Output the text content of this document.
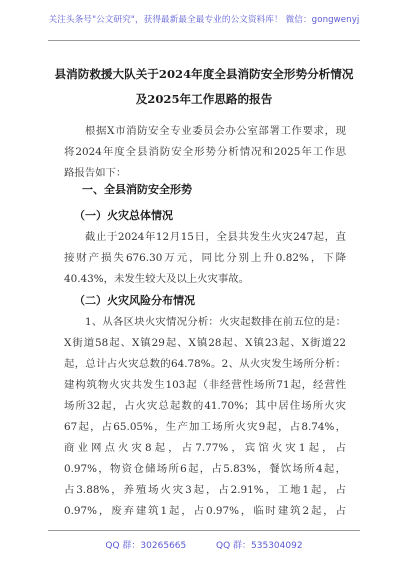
关注头条号"公文研究"，获得最新最全最专业的公文资料库！ 微信：gongwenyj
县消防救援大队关于2024年度全县消防安全形势分析情况
及2025年工作思路的报告
根据X市消防安全专业委员会办公室部署工作要求，现
将2024年度全县消防安全形势分析情况和2025年工作思
路报告如下：
一、全县消防安全形势
（一）火灾总体情况
截止于2024年12月15日，全县共发生火灾247起，直
接财产损失676.30万元，同比分别上升0.82%，下降
40.43%，未发生较大及以上火灾事故。
（二）火灾风险分布情况
1、从各区块火灾情况分析：火灾起数排在前五位的是：
X街道58起、X镇29起、X镇28起、X镇23起、X街道22
起，总计占火灾总数的64.78%。2、从火灾发生场所分析：
建构筑物火灾共发生103起（非经营性场所71起，经营性
场所32起，占火灾总起数的41.70%；其中居住场所火灾
67起，占65.05%，生产加工场所火灾9起，占8.74%，
商业网点火灾8起，占7.77%，宾馆火灾1起，占
0.97%，物资仓储场所6起，占5.83%，餐饮场所4起，
占3.88%，养殖场火灾3起，占2.91%，工地1起，占
0.97%，废弃建筑1起，占0.97%，临时建筑2起，占
QQ 群：30265665	QQ 群：535304092
